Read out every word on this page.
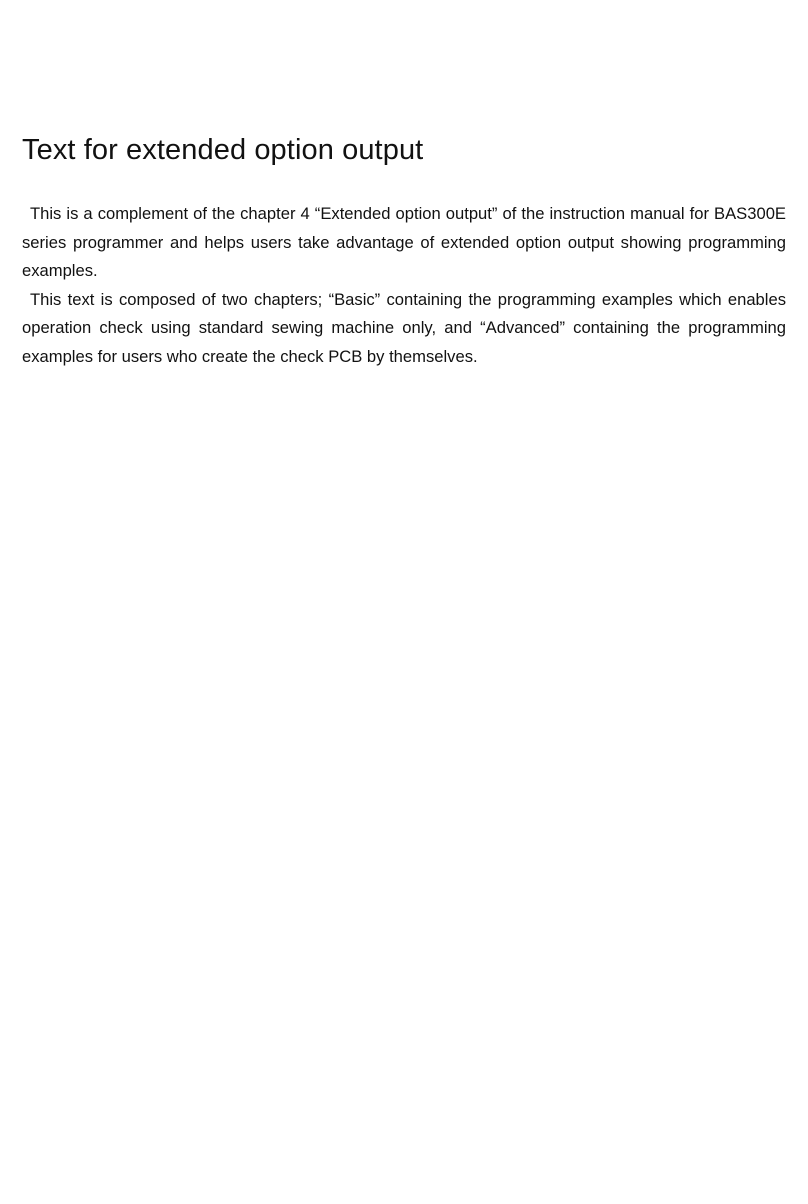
Text for extended option output

This is a complement of the chapter 4 “Extended option output” of the instruction manual for BAS300E series programmer and helps users take advantage of extended option output showing programming examples.

This text is composed of two chapters; “Basic” containing the programming examples which enables operation check using standard sewing machine only, and “Advanced” containing the programming examples for users who create the check PCB by themselves.
